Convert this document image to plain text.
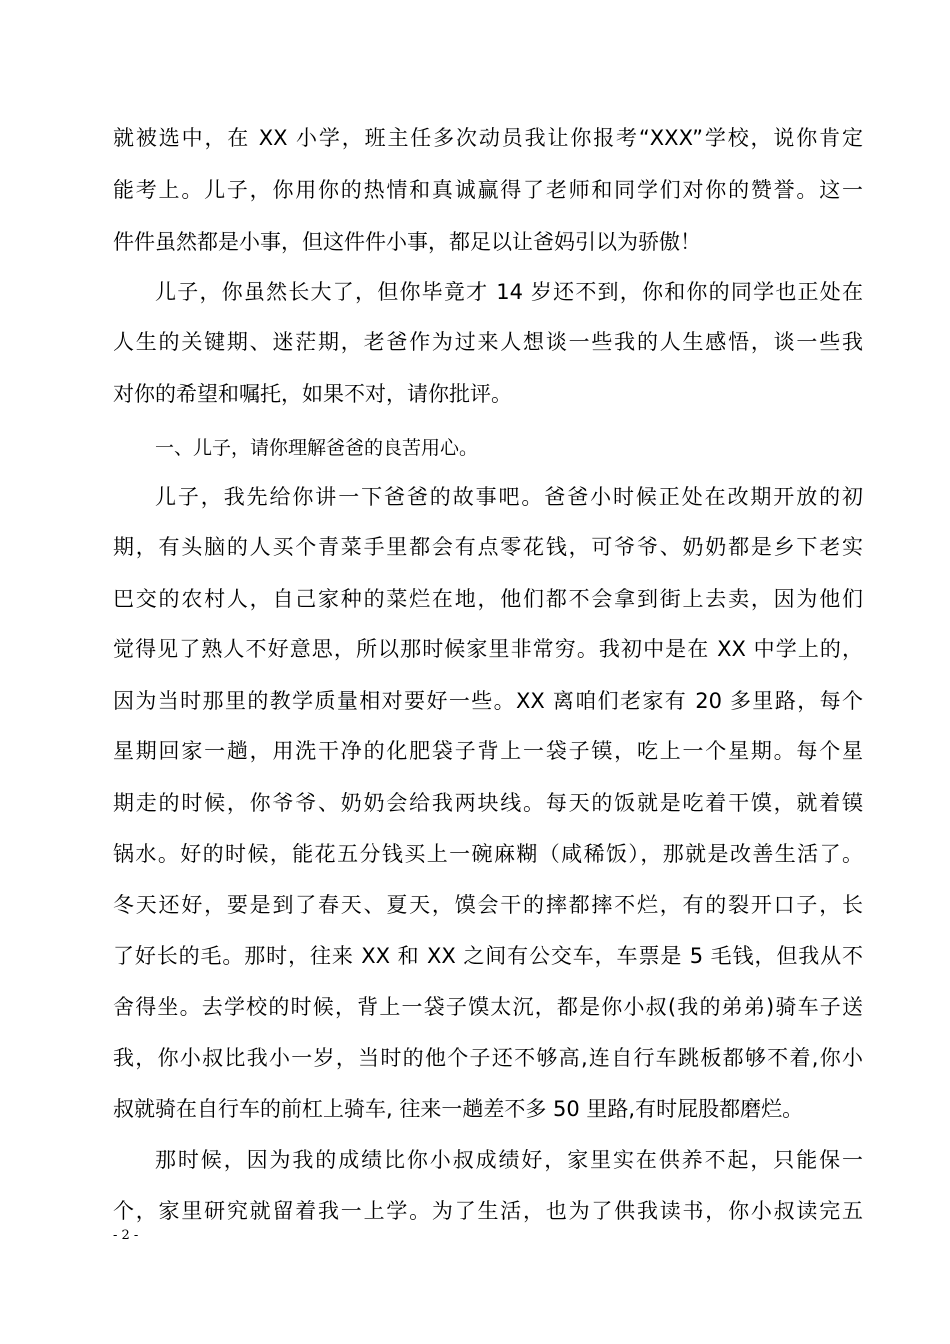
就被选中，在 XX 小学，班主任多次动员我让你报考“XXX”学校，说你肯定
能考上。儿子，你用你的热情和真诚赢得了老师和同学们对你的赞誉。这一
件件虽然都是小事，但这件件小事，都足以让爸妈引以为骄傲！
儿子，你虽然长大了，但你毕竟才 14 岁还不到，你和你的同学也正处在
人生的关键期、迷茫期，老爸作为过来人想谈一些我的人生感悟，谈一些我
对你的希望和嘱托，如果不对，请你批评。
一、儿子，请你理解爸爸的良苦用心。
儿子，我先给你讲一下爸爸的故事吧。爸爸小时候正处在改期开放的初
期，有头脑的人买个青菜手里都会有点零花钱，可爷爷、奶奶都是乡下老实
巴交的农村人，自己家种的菜烂在地，他们都不会拿到街上去卖，因为他们
觉得见了熟人不好意思，所以那时候家里非常穷。我初中是在 XX 中学上的，
因为当时那里的教学质量相对要好一些。XX 离咱们老家有 20 多里路，每个
星期回家一趟，用洗干净的化肥袋子背上一袋子镆，吃上一个星期。每个星
期走的时候，你爷爷、奶奶会给我两块线。每天的饭就是吃着干馍，就着镆
锅水。好的时候，能花五分钱买上一碗麻糊（咸稀饭），那就是改善生活了。
冬天还好，要是到了春天、夏天，馍会干的摔都摔不烂，有的裂开口子，长
了好长的毛。那时，往来 XX 和 XX 之间有公交车，车票是 5 毛钱，但我从不
舍得坐。去学校的时候，背上一袋子馍太沉，都是你小叔(我的弟弟)骑车子送
我，你小叔比我小一岁，当时的他个子还不够高,连自行车跳板都够不着,你小
叔就骑在自行车的前杠上骑车, 往来一趟差不多 50 里路,有时屁股都磨烂。
那时候，因为我的成绩比你小叔成绩好，家里实在供养不起，只能保一
个，家里研究就留着我一上学。为了生活，也为了供我读书，你小叔读完五
- 2 -
